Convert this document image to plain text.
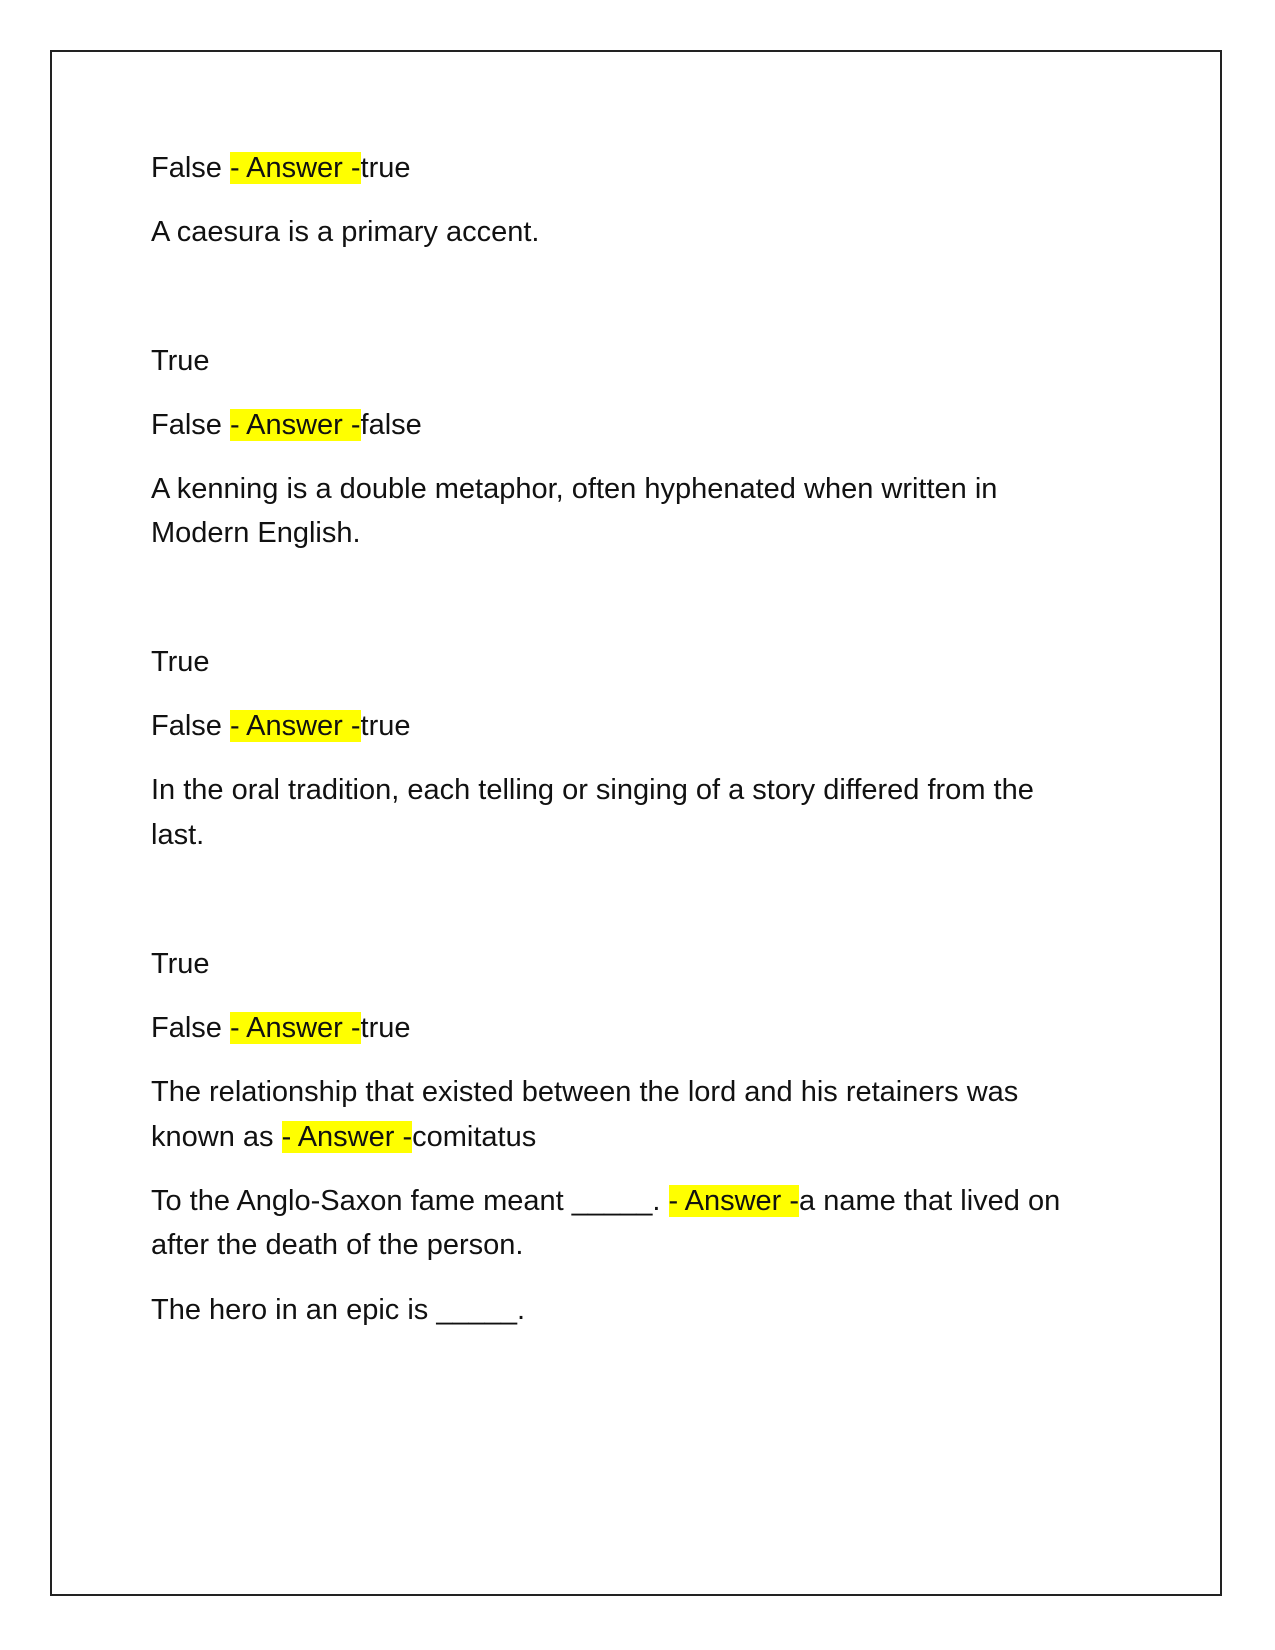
False - Answer -true

A caesura is a primary accent.

True

False - Answer -false

A kenning is a double metaphor, often hyphenated when written in

Modern English.

True

False - Answer -true

In the oral tradition, each telling or singing of a story differed from the

last.

True

False - Answer -true

The relationship that existed between the lord and his retainers was

known as - Answer -comitatus

To the Anglo-Saxon fame meant _____. - Answer -a name that lived on

after the death of the person.

The hero in an epic is _____.
